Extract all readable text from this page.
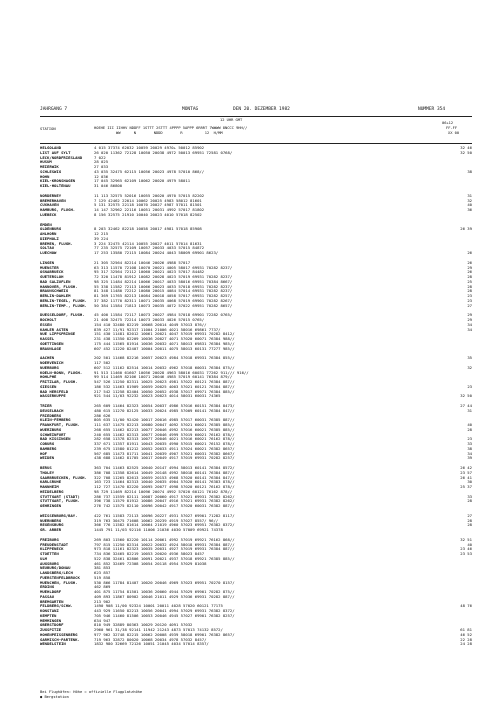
JAHRGANG 7	MONTAG	DEN 20. DEZEMBER 1982	NUMMER 354
12 UHR GMT
06+12
STATION	HOEHE III IIHHV NDDFF 1STTT 2STTT 4PPPP 5APPP 6RRRT 7WWWW 8NCCC 9HH//	FF-FF
WW      N        NDDD        R          12  H/MM	XX 00
HELGOLAND	4 015 37374 62032 10059 20029 4970+ 50012 85902	32 46
LIST AUF SYLT	26 020 11362 72128 10050 20038 4972 50013 69951 72581 0768/	32 50
LECK/NORDFRIESLAND	7 022
HUSUM	28 025
MEIERWIK	27 033
SCHLESWIG	43 035 32475 62115 10056 20023 4978 57010 868//	38
HOHN	12 036
KIEL-KRONSHAGEN	17 045 32965 62109 10062 20020 4979 58011
KIEL-HOLTENAU	31 046 86800
NORDERNEY	11 113 32575 52016 10055 20020 4970 57015 82202	31
BREMERHAVEN	7 129 42462 22014 10062 20025 4983 58012 81601	32
CUXHAVEN	5 131 32575 22118 10070 20027 4987 57011 81501	40
HAMBURG, FLUGH.	14 147 32962 22116 10051 20031 4992 57017 81802	36
LUEBECK	8 156 32575 21910 10040 20023 4010 57018 82502
EMDEN
OLDENBURG	8 203 32462 82218 10058 20017 4981 57018 85908	26 39
AHLHORN	12 215
DIEPHOLZ	39 224
BREMEN, FLUGH.	3 224 32475 42114 10055 20027 4011 57014 81631
SOLTAU	77 235 32575 72109 10057 20033 4033 57015 84872
LUECHOW	17 253 13580 72115 10084 20024 4043 58009 69901 8623/	26
LINGEN	21 305 32564 82214 10046 20026 4988 57017	26
MUENSTER	63 313 11570 72108 10070 20021 4005 58017 69931 70282 8237/	29
OSNABRUECK	95 317 32564 72112 10060 20021 4023 57017 84482	26
GUETERSLOH	72 320 11478 81912 10082 20028 4023 57019 69931 70282 8237/	28
BAD SALZUFLEN	98 325 11484 82214 10066 20017 4033 58016 69951 70384 8667/	25
HANNOVER, FLUGH.	55 338 11582 72113 10066 20023 4033 57018 69931 70282 8237/	28
BRAUNSCHWEIG	81 348 11480 72212 10080 20015 4084 57014 69931 70282 8237/	28
BERLIN-DAHLEM	81 369 11765 82213 10084 20018 4058 57017 69931 70282 8257/	23
BERLIN-TEGEL, FLUGH.	37 382 11770 82311 10071 20035 4068 57019 69901 70282 8267/	23
BERLIN-TEMP., FLUGH.	50 384 11584 71813 10073 20035 4072 57022 69951 70282 8657/	27
DUESSELDORF, FLUGH.	45 400 11584 72117 10073 20027 4984 57018 69901 72282 0765/	29
BOCHOLT	21 408 32475 72214 10073 20033 4026 57015 0765/	29
ESSEN	154 410 32480 82219 10068 20014 4049 57013 876//	34
KAHLER ASTEN	839 427 11/91 92317 11004 21006 4021 58016 69861 7737/	34
NUE LIPPSPRINGE	151 430 11481 82012 10061 20021 4047 57019 69931 70282 8412/
KASSEL	231 438 11350 82209 10036 20027 4071 57020 60071 76384 988//
GOETTINGEN	175 444 11565 81914 10036 20032 4071 58013 69831 76384 985//
BRAUNLAGE	607 452 11220 82407 10004 20011 4075 58013 60131 77277 985//
AACHEN	202 501 11468 82216 10057 20023 4984 57018 69931 76384 855//	35
NOERVENICH	117 502
NUERBURG	607 512 11162 82514 10014 20032 4962 57018 60031 76384 875//	32
KOELN-BONN, FLUGH.	91 513 11460 61607 10056 20028 4963 58016 60031 77262 911/// 916//
HOHLPHE	99 514 11469 82106 10071 20046 4985 57019 60141 76384 879//
FRITZLAR, FLUGH.	547 526 11250 82311 10025 20023 4981 57022 60121 76384 887//
GIESSEN	186 532 11463 81909 10059 20025 4003 57021 60121 76384 887//	23
BAD HERSFELD	217 542 11258 82404 10050 20052 4938 57017 69971 76384 885//
WASSERKUPPE	921 544 11/03 92232 10023 20023 4014 58031 60031 74365	32 50
TRIER	265 609 11464 82323 10054 20037 4986 57016 60151 76384 8473/	27 44
DEUSELBACH	480 615 11270 82125 10033 20024 4985 57009 60141 76384 847//	31
FRIEDBERG	286 626
KLEIN-FEMBERG	805 635 11/00 92420 10017 20016 4985 57017 60031 76385 887//
FRANKFURT, FLUGH.	111 637 11475 82213 10080 20047 4092 57021 60021 76385 885//	40
WUERZBURG	268 655 11462 82213 10077 20046 4992 57016 60021 76385 885//	28
SCHWEINFURT	240 655 11462 82313 10077 20046 4999 57019 60021 76162 878//
BAD KISSINGEN	282 658 11378 82313 10077 20046 4021 57016 60021 76162 878//	23
COBURG	337 671 11357 81911 10043 20035 4990 57015 60021 76152 878//	33
BAMBERG	239 675 11580 81212 10052 20033 4911 57024 60021 76382 8657/	38
HOF	567 685 11473 81711 10041 20039 4907 57021 60031 76382 8667/	34
WEIDEN	438 688 11462 81705 10017 20049 4917 57019 69931 70282 8257/	39
BERUS	363 704 11463 82525 10040 20147 4994 58013 60141 76384 8572/	26 42
THOLEY	386 708 11358 82614 10049 20148 4992 58018 60141 76384 887//	23 57
SAARBRUECKEN, FLUGH.	322 708 11265 82613 10059 20153 4968 57020 60141 76384 847//	26 41
KARLSRUHE	163 723 11464 82313 10040 20035 4904 57020 60141 76383 878//	30
MANNHEIM	112 727 11470 82220 10095 20077 4998 57020 60121 76162 878//	25 37
HEIDELBERG	98 729 11469 82214 10096 20074 4992 57020 60121 76162 878//
STUTTGART (STADT)	286 737 11559 82111 10087 20060 4917 57021 69931 76382 8262/	33
STUTTGART, FLUGH.	396 738 11579 81912 10086 20047 4916 57021 69931 76382 8262/	28
OEHRINGEN	276 742 11575 82110 10096 20042 4917 57020 60031 76382 887//
WEISSENBURG/BAY.	422 761 11583 72113 10096 20227 4931 57027 69901 71282 8117/	27
NUERNBERG	319 763 30475 71608 10062 20239 4919 57027 8557/ 96//	28
REGENSBURG	366 776 11582 81614 10064 21019 4960 57023 69951 76382 8372/	28
GR. ARBER	1445 791 11/03 92116 11006 21036 4030 57009 69921 74378
FREIBURG	269 803 11560 82220 10114 20061 4992 57019 69921 76162 868//	32 51
FREUDENSTADT	797 815 11250 82314 10022 20032 4924 58018 69931 76384 887//	40
KLIPPENECK	973 818 11161 82323 10035 20031 4927 57019 69931 76384 887//	23 46
STOETTEN	734 836 32465 82219 10053 20020 4936 58023 8457	23 53
ULM	522 838 32461 82806 10091 20021 4937 57018 69921 76385 885//
AUGSBURG	461 852 32469 72308 10054 20118 4954 57029 81038
NEUBURG/DONAU	381 853
LANDSBERG/LECH	623 857
FUERSTENFELDBRUCK	519 858
MUENCHEN, FLUGH.	530 866 11784 81407 10020 20046 4969 57023 69951 70270 8157/
ERDING	462 869
MUEHLDORF	401 875 11754 81501 10036 20060 4944 57029 69901 70282 875//
PASSAU	409 893 11867 80902 10046 21011 4929 57036 69931 70282 887//
BREMGARTEN	213 902
FELDBERG/SCHW.	1490 908 11/00 92324 10001 20011 4028 57020 60121 77175	48 76
KONSTANZ	443 929 11650 82213 10056 20041 4994 57029 69931 76382 8372/
KEMPTEN	705 946 11460 81506 10053 20046 4945 57027 69901 76382 8257/
MEMMINGEN	634 947
OBERSTDORF	810 949 32889 80363 10029 20120 4091 57032
ZUGSPITZE	2960 961 31/38 92141 11942 21243 4873 57013 74132 8572/	61 81
HOHENPEISSENBERG	977 962 32748 82215 10062 20008 4939 58018 69901 76382 8657/	46 52
GARMISCH-PARTENK.	719 963 32872 80020 10068 20034 4978 57032 8457/	22 28
WENDELSTEIN	1832 980 32669 72126 10051 21045 4034 57014 8357/	24 28
Bei Flughäfen: Höhe = offizielle Flugplatzhöhe
● Bergstation
